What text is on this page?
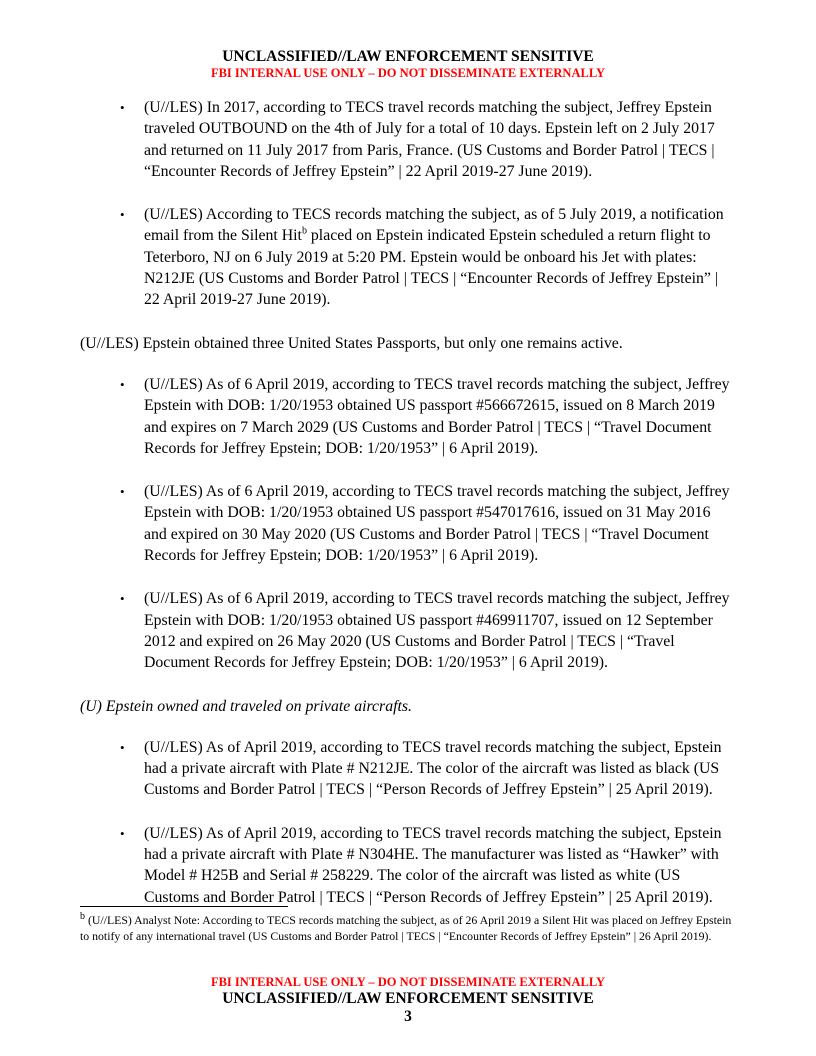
UNCLASSIFIED//LAW ENFORCEMENT SENSITIVE
FBI INTERNAL USE ONLY – DO NOT DISSEMINATE EXTERNALLY
• (U//LES) In 2017, according to TECS travel records matching the subject, Jeffrey Epstein traveled OUTBOUND on the 4th of July for a total of 10 days. Epstein left on 2 July 2017 and returned on 11 July 2017 from Paris, France. (US Customs and Border Patrol | TECS | “Encounter Records of Jeffrey Epstein” | 22 April 2019-27 June 2019).
• (U//LES) According to TECS records matching the subject, as of 5 July 2019, a notification email from the Silent Hit$^b$ placed on Epstein indicated Epstein scheduled a return flight to Teterboro, NJ on 6 July 2019 at 5:20 PM. Epstein would be onboard his Jet with plates: N212JE (US Customs and Border Patrol | TECS | “Encounter Records of Jeffrey Epstein” | 22 April 2019-27 June 2019).

(U//LES) Epstein obtained three United States Passports, but only one remains active.

• (U//LES) As of 6 April 2019, according to TECS travel records matching the subject, Jeffrey Epstein with DOB: 1/20/1953 obtained US passport #566672615, issued on 8 March 2019 and expires on 7 March 2029 (US Customs and Border Patrol | TECS | “Travel Document Records for Jeffrey Epstein; DOB: 1/20/1953” | 6 April 2019).
• (U//LES) As of 6 April 2019, according to TECS travel records matching the subject, Jeffrey Epstein with DOB: 1/20/1953 obtained US passport #547017616, issued on 31 May 2016 and expired on 30 May 2020 (US Customs and Border Patrol | TECS | “Travel Document Records for Jeffrey Epstein; DOB: 1/20/1953” | 6 April 2019).
• (U//LES) As of 6 April 2019, according to TECS travel records matching the subject, Jeffrey Epstein with DOB: 1/20/1953 obtained US passport #469911707, issued on 12 September 2012 and expired on 26 May 2020 (US Customs and Border Patrol | TECS | “Travel Document Records for Jeffrey Epstein; DOB: 1/20/1953” | 6 April 2019).

(U) Epstein owned and traveled on private aircrafts.

• (U//LES) As of April 2019, according to TECS travel records matching the subject, Epstein had a private aircraft with Plate # N212JE. The color of the aircraft was listed as black (US Customs and Border Patrol | TECS | “Person Records of Jeffrey Epstein” | 25 April 2019).
• (U//LES) As of April 2019, according to TECS travel records matching the subject, Epstein had a private aircraft with Plate # N304HE. The manufacturer was listed as “Hawker” with Model # H25B and Serial # 258229. The color of the aircraft was listed as white (US Customs and Border Patrol | TECS | “Person Records of Jeffrey Epstein” | 25 April 2019).
$^b$ (U//LES) Analyst Note: According to TECS records matching the subject, as of 26 April 2019 a Silent Hit was placed on Jeffrey Epstein to notify of any international travel (US Customs and Border Patrol | TECS | “Encounter Records of Jeffrey Epstein” | 26 April 2019).
FBI INTERNAL USE ONLY – DO NOT DISSEMINATE EXTERNALLY
UNCLASSIFIED//LAW ENFORCEMENT SENSITIVE
3
